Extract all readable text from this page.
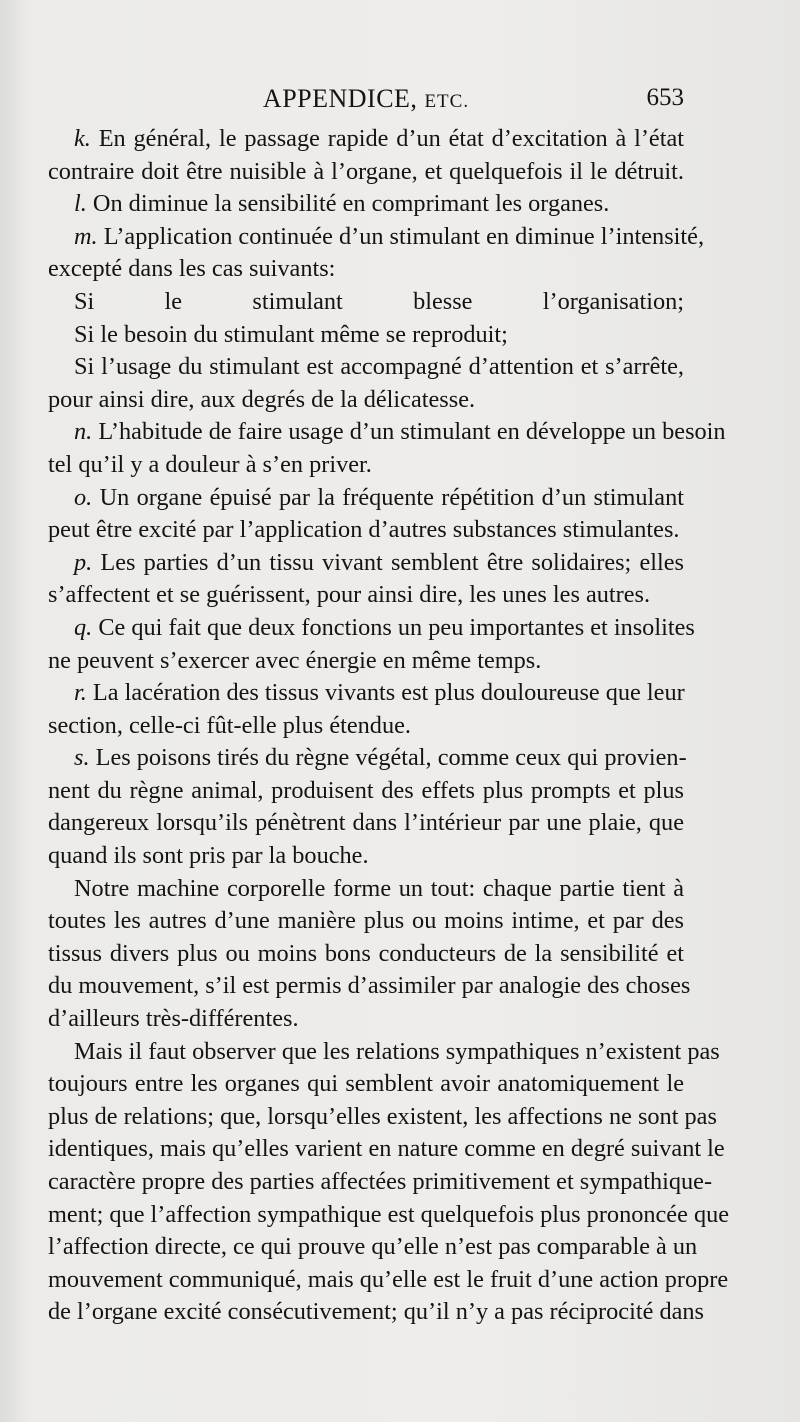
APPENDICE, ETC.	653
k. En général, le passage rapide d’un état d’excitation à l’état
contraire doit être nuisible à l’organe, et quelquefois il le détruit.
l. On diminue la sensibilité en comprimant les organes.
m. L’application continuée d’un stimulant en diminue l’intensité,
excepté dans les cas suivants:
Si le stimulant blesse l’organisation;
Si le besoin du stimulant même se reproduit;
Si l’usage du stimulant est accompagné d’attention et s’arrête,
pour ainsi dire, aux degrés de la délicatesse.
n. L’habitude de faire usage d’un stimulant en développe un besoin
tel qu’il y a douleur à s’en priver.
o. Un organe épuisé par la fréquente répétition d’un stimulant
peut être excité par l’application d’autres substances stimulantes.
p. Les parties d’un tissu vivant semblent être solidaires; elles
s’affectent et se guérissent, pour ainsi dire, les unes les autres.
q. Ce qui fait que deux fonctions un peu importantes et insolites
ne peuvent s’exercer avec énergie en même temps.
r. La lacération des tissus vivants est plus douloureuse que leur
section, celle-ci fût-elle plus étendue.
s. Les poisons tirés du règne végétal, comme ceux qui provien-
nent du règne animal, produisent des effets plus prompts et plus
dangereux lorsqu’ils pénètrent dans l’intérieur par une plaie, que
quand ils sont pris par la bouche.
Notre machine corporelle forme un tout: chaque partie tient à
toutes les autres d’une manière plus ou moins intime, et par des
tissus divers plus ou moins bons conducteurs de la sensibilité et
du mouvement, s’il est permis d’assimiler par analogie des choses
d’ailleurs très-différentes.
Mais il faut observer que les relations sympathiques n’existent pas
toujours entre les organes qui semblent avoir anatomiquement le
plus de relations; que, lorsqu’elles existent, les affections ne sont pas
identiques, mais qu’elles varient en nature comme en degré suivant le
caractère propre des parties affectées primitivement et sympathique-
ment; que l’affection sympathique est quelquefois plus prononcée que
l’affection directe, ce qui prouve qu’elle n’est pas comparable à un
mouvement communiqué, mais qu’elle est le fruit d’une action propre
de l’organe excité consécutivement; qu’il n’y a pas réciprocité dans
